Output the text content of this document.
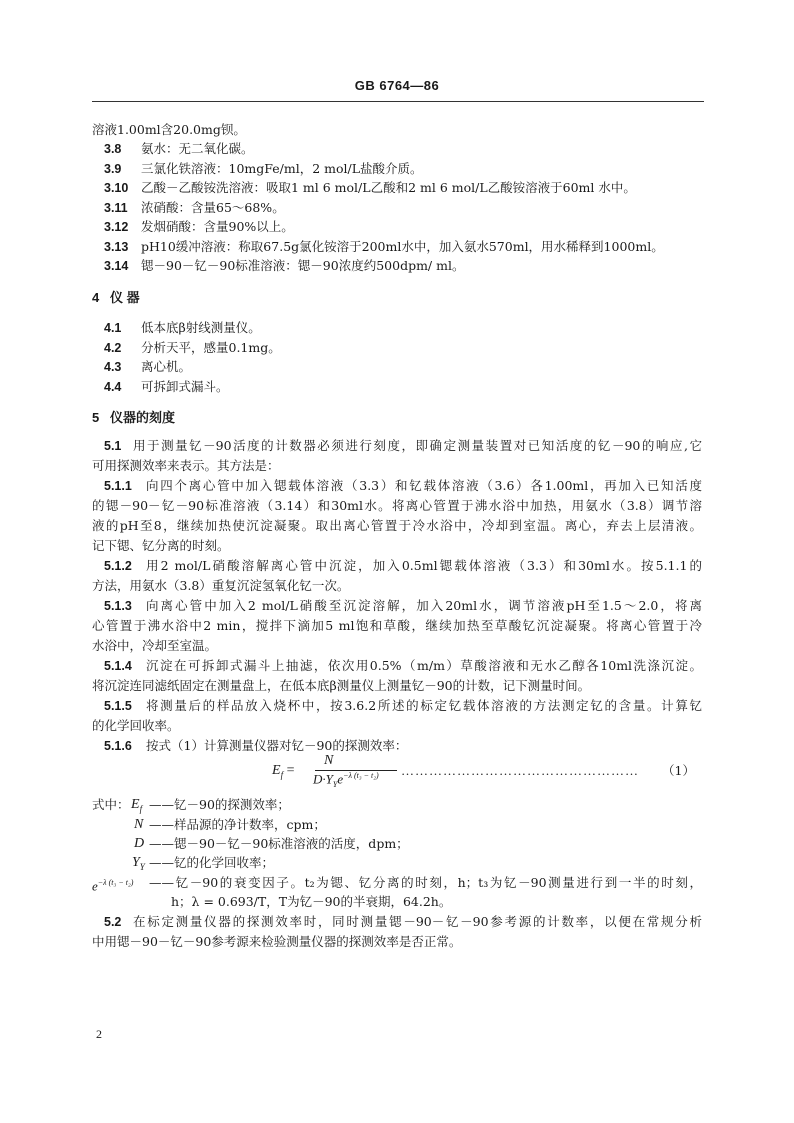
GB 6764—86
溶液1.00ml含20.0mg钡。
3.8 氨水：无二氧化碳。
3.9 三氯化铁溶液：10mgFe/ml，2 mol/L盐酸介质。
3.10 乙酸－乙酸铵洗溶液：吸取1 ml 6 mol/L乙酸和2 ml 6 mol/L乙酸铵溶液于60ml 水中。
3.11 浓硝酸：含量65～68%。
3.12 发烟硝酸：含量90%以上。
3.13 pH10缓冲溶液：称取67.5g氯化铵溶于200ml水中，加入氨水570ml，用水稀释到1000ml。
3.14 锶－90－钇－90标准溶液：锶－90浓度约500dpm/ ml。
4 仪 器
4.1 低本底β射线测量仪。
4.2 分析天平，感量0.1mg。
4.3 离心机。
4.4 可拆卸式漏斗。
5 仪器的刻度
5.1 用于测量钇－90活度的计数器必须进行刻度，即确定测量装置对已知活度的钇－90的响应,它
可用探测效率来表示。其方法是：
5.1.1 向四个离心管中加入锶载体溶液（3.3）和钇载体溶液（3.6）各1.00ml，再加入已知活度
的锶－90－钇－90标准溶液（3.14）和30ml水。将离心管置于沸水浴中加热，用氨水（3.8）调节溶
液的pH至8，继续加热使沉淀凝聚。取出离心管置于冷水浴中，冷却到室温。离心，弃去上层清液。
记下锶、钇分离的时刻。
5.1.2 用2 mol/L硝酸溶解离心管中沉淀，加入0.5ml锶载体溶液（3.3）和30ml水。按5.1.1的
方法，用氨水（3.8）重复沉淀氢氧化钇一次。
5.1.3 向离心管中加入2 mol/L硝酸至沉淀溶解，加入20ml水，调节溶液pH至1.5～2.0，将离
心管置于沸水浴中2 min，搅拌下滴加5 ml饱和草酸，继续加热至草酸钇沉淀凝聚。将离心管置于冷
水浴中，冷却至室温。
5.1.4 沉淀在可拆卸式漏斗上抽滤，依次用0.5%（m/m）草酸溶液和无水乙醇各10ml洗涤沉淀。
将沉淀连同滤纸固定在测量盘上，在低本底β测量仪上测量钇－90的计数，记下测量时间。
5.1.5 将测量后的样品放入烧杯中，按3.6.2所述的标定钇载体溶液的方法测定钇的含量。计算钇
的化学回收率。
5.1.6 按式（1）计算测量仪器对钇－90的探测效率：
N
$E_f$ =
$D\cdot Y_Ye^{-\lambda (t_3 - t_2)}$ …………………………………………… （1）
式中： $E_f$ ——钇－90的探测效率；
N ——样品源的净计数率，cpm；
D ——锶－90－钇－90标准溶液的活度，dpm；
$Y_Y$ ——钇的化学回收率；
$e^{-\lambda (t_3 - t_2)}$ ——钇－90的衰变因子。t₂为锶、钇分离的时刻，h；t₃为钇－90测量进行到一半的时刻，
h；λ = 0.693/T，T为钇－90的半衰期，64.2h。
5.2 在标定测量仪器的探测效率时，同时测量锶－90－钇－90参考源的计数率，以便在常规分析
中用锶－90－钇－90参考源来检验测量仪器的探测效率是否正常。
2
